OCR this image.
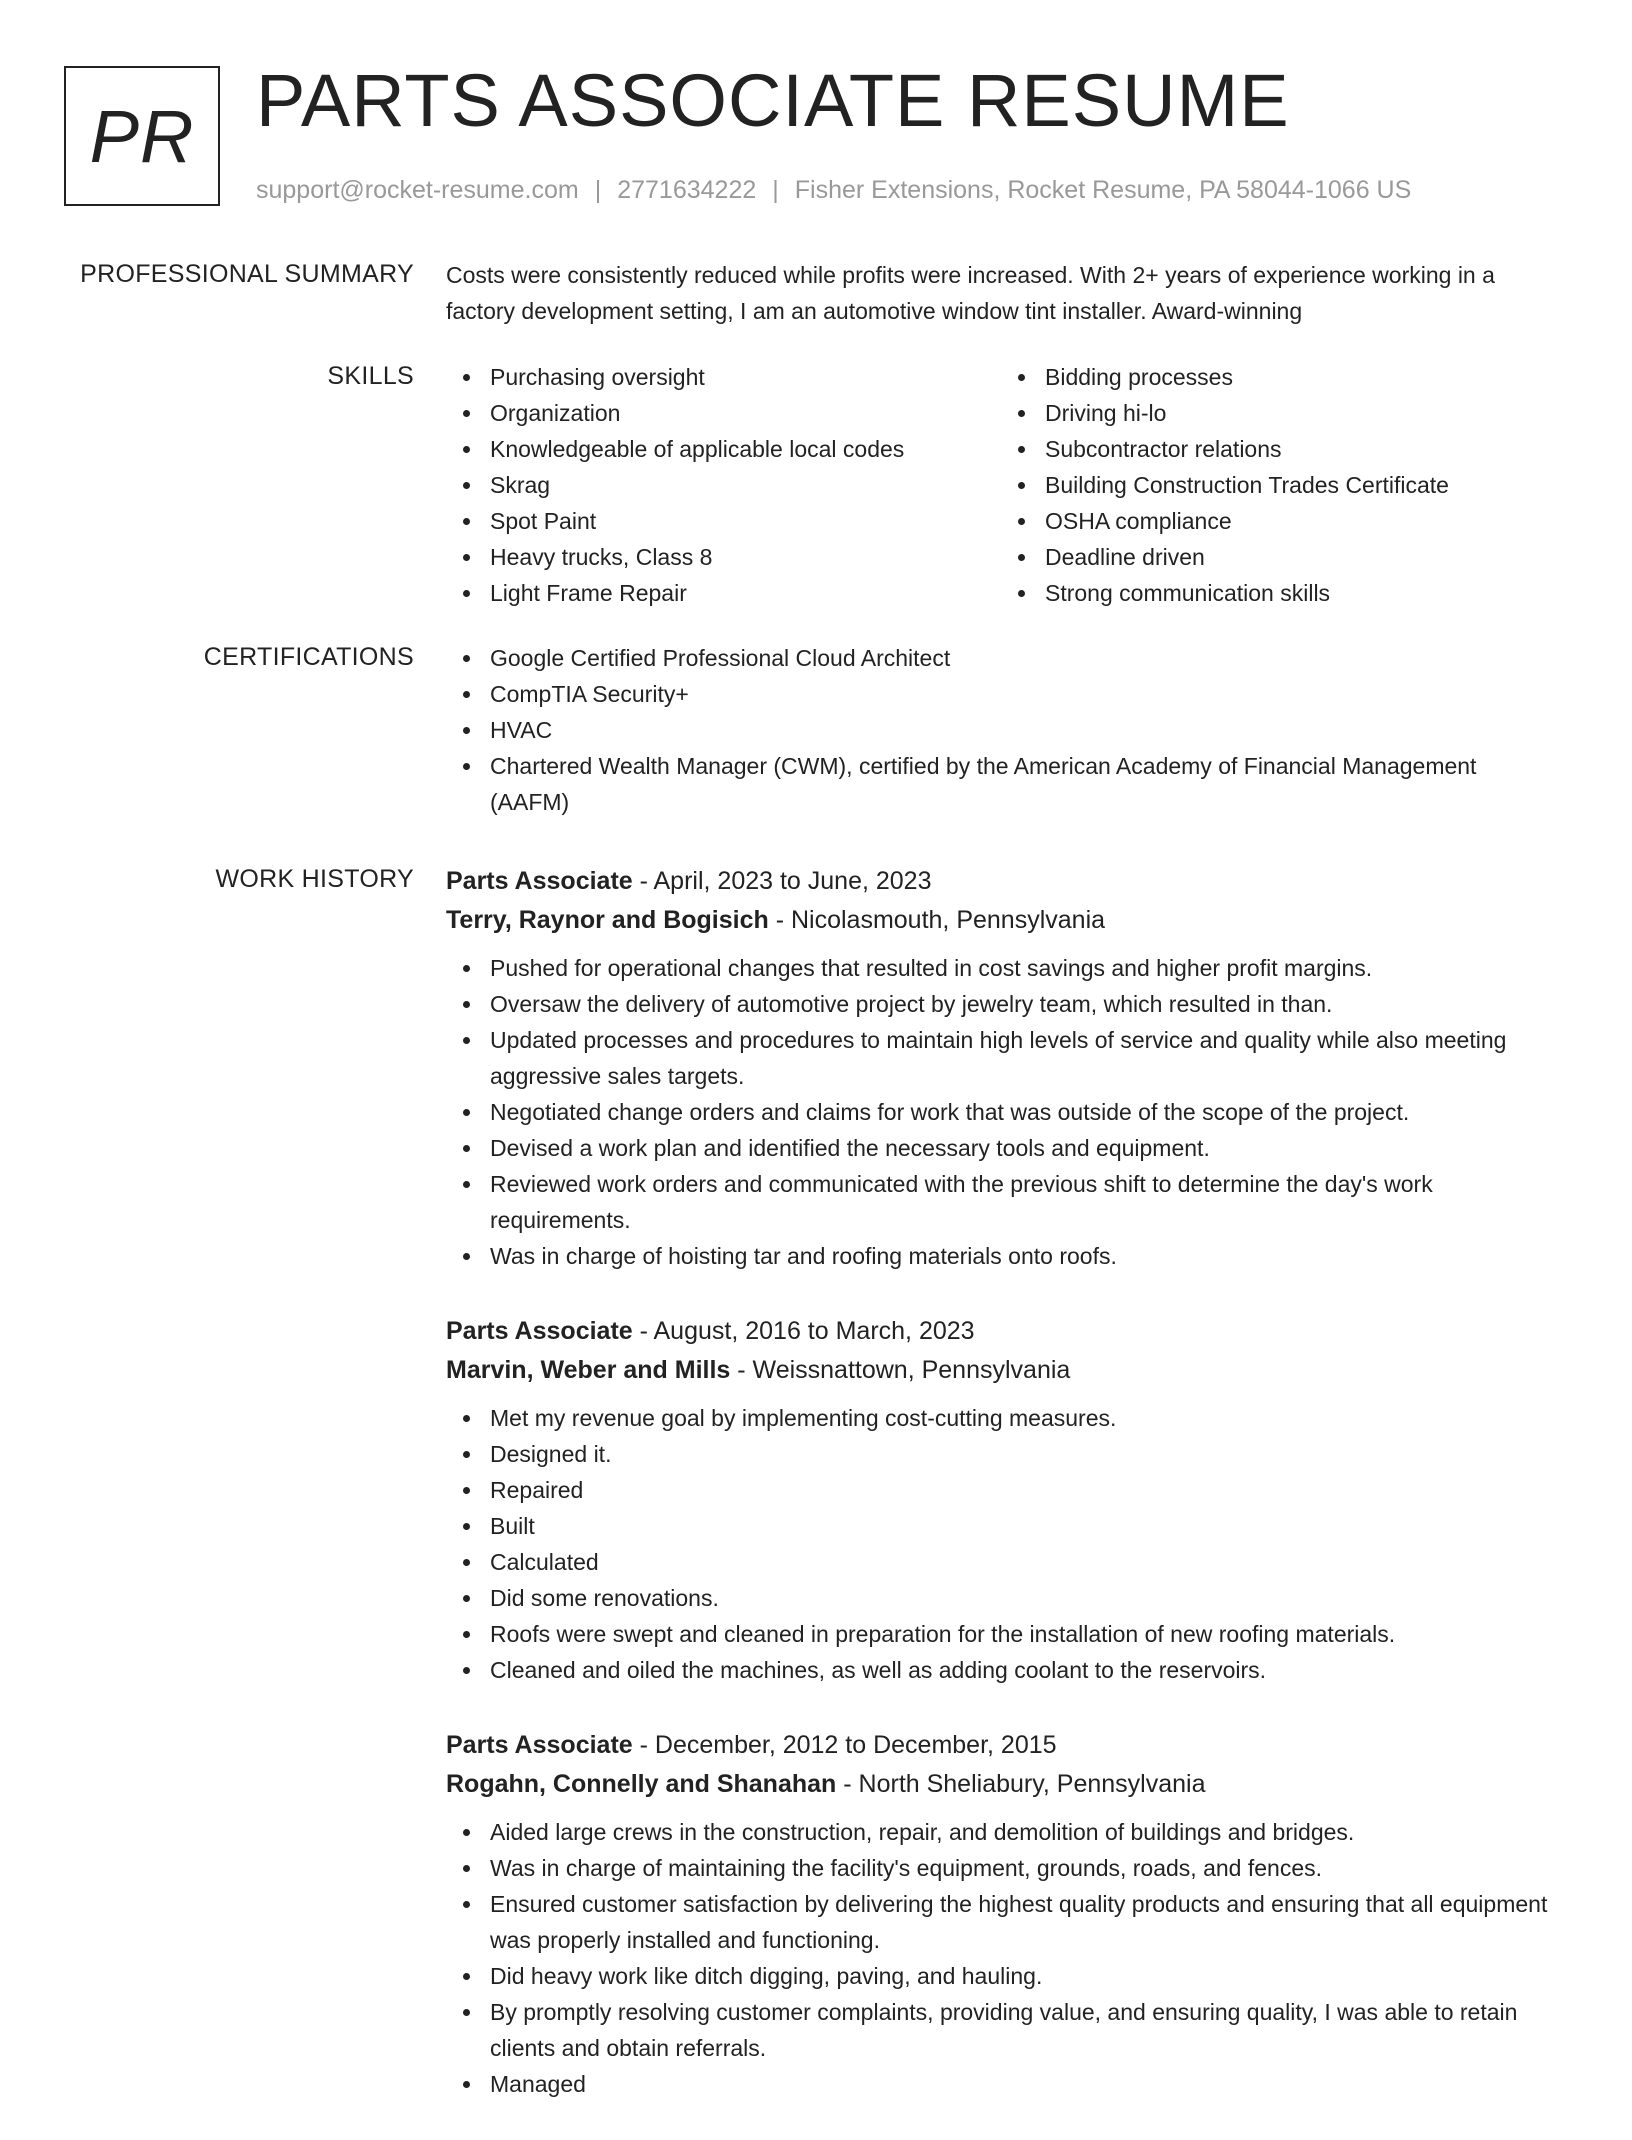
PR PARTS ASSOCIATE RESUME
support@rocket-resume.com | 2771634222 | Fisher Extensions, Rocket Resume, PA 58044-1066 US
PROFESSIONAL SUMMARY Costs were consistently reduced while profits were increased. With 2+ years of experience working in a factory development setting, I am an automotive window tint installer. Award-winning
SKILLS	Purchasing oversight
Organization
Knowledgeable of applicable local codes
Skrag
Spot Paint
Heavy trucks, Class 8
Light Frame Repair
Bidding processes
Driving hi-lo
Subcontractor relations
Building Construction Trades Certificate
OSHA compliance
Deadline driven
Strong communication skills
CERTIFICATIONS	Google Certified Professional Cloud Architect
CompTIA Security+
HVAC
Chartered Wealth Manager (CWM), certified by the American Academy of Financial Management (AAFM)
WORK HISTORY Parts Associate - April, 2023 to June, 2023
Terry, Raynor and Bogisich - Nicolasmouth, Pennsylvania
Pushed for operational changes that resulted in cost savings and higher profit margins.
Oversaw the delivery of automotive project by jewelry team, which resulted in than.
Updated processes and procedures to maintain high levels of service and quality while also meeting aggressive sales targets.
Negotiated change orders and claims for work that was outside of the scope of the project.
Devised a work plan and identified the necessary tools and equipment.
Reviewed work orders and communicated with the previous shift to determine the day's work requirements.
Was in charge of hoisting tar and roofing materials onto roofs.
Parts Associate - August, 2016 to March, 2023
Marvin, Weber and Mills - Weissnattown, Pennsylvania
Met my revenue goal by implementing cost-cutting measures.
Designed it.
Repaired
Built
Calculated
Did some renovations.
Roofs were swept and cleaned in preparation for the installation of new roofing materials.
Cleaned and oiled the machines, as well as adding coolant to the reservoirs.
Parts Associate - December, 2012 to December, 2015
Rogahn, Connelly and Shanahan - North Sheliabury, Pennsylvania
Aided large crews in the construction, repair, and demolition of buildings and bridges.
Was in charge of maintaining the facility's equipment, grounds, roads, and fences.
Ensured customer satisfaction by delivering the highest quality products and ensuring that all equipment was properly installed and functioning.
Did heavy work like ditch digging, paving, and hauling.
By promptly resolving customer complaints, providing value, and ensuring quality, I was able to retain clients and obtain referrals.
Managed
